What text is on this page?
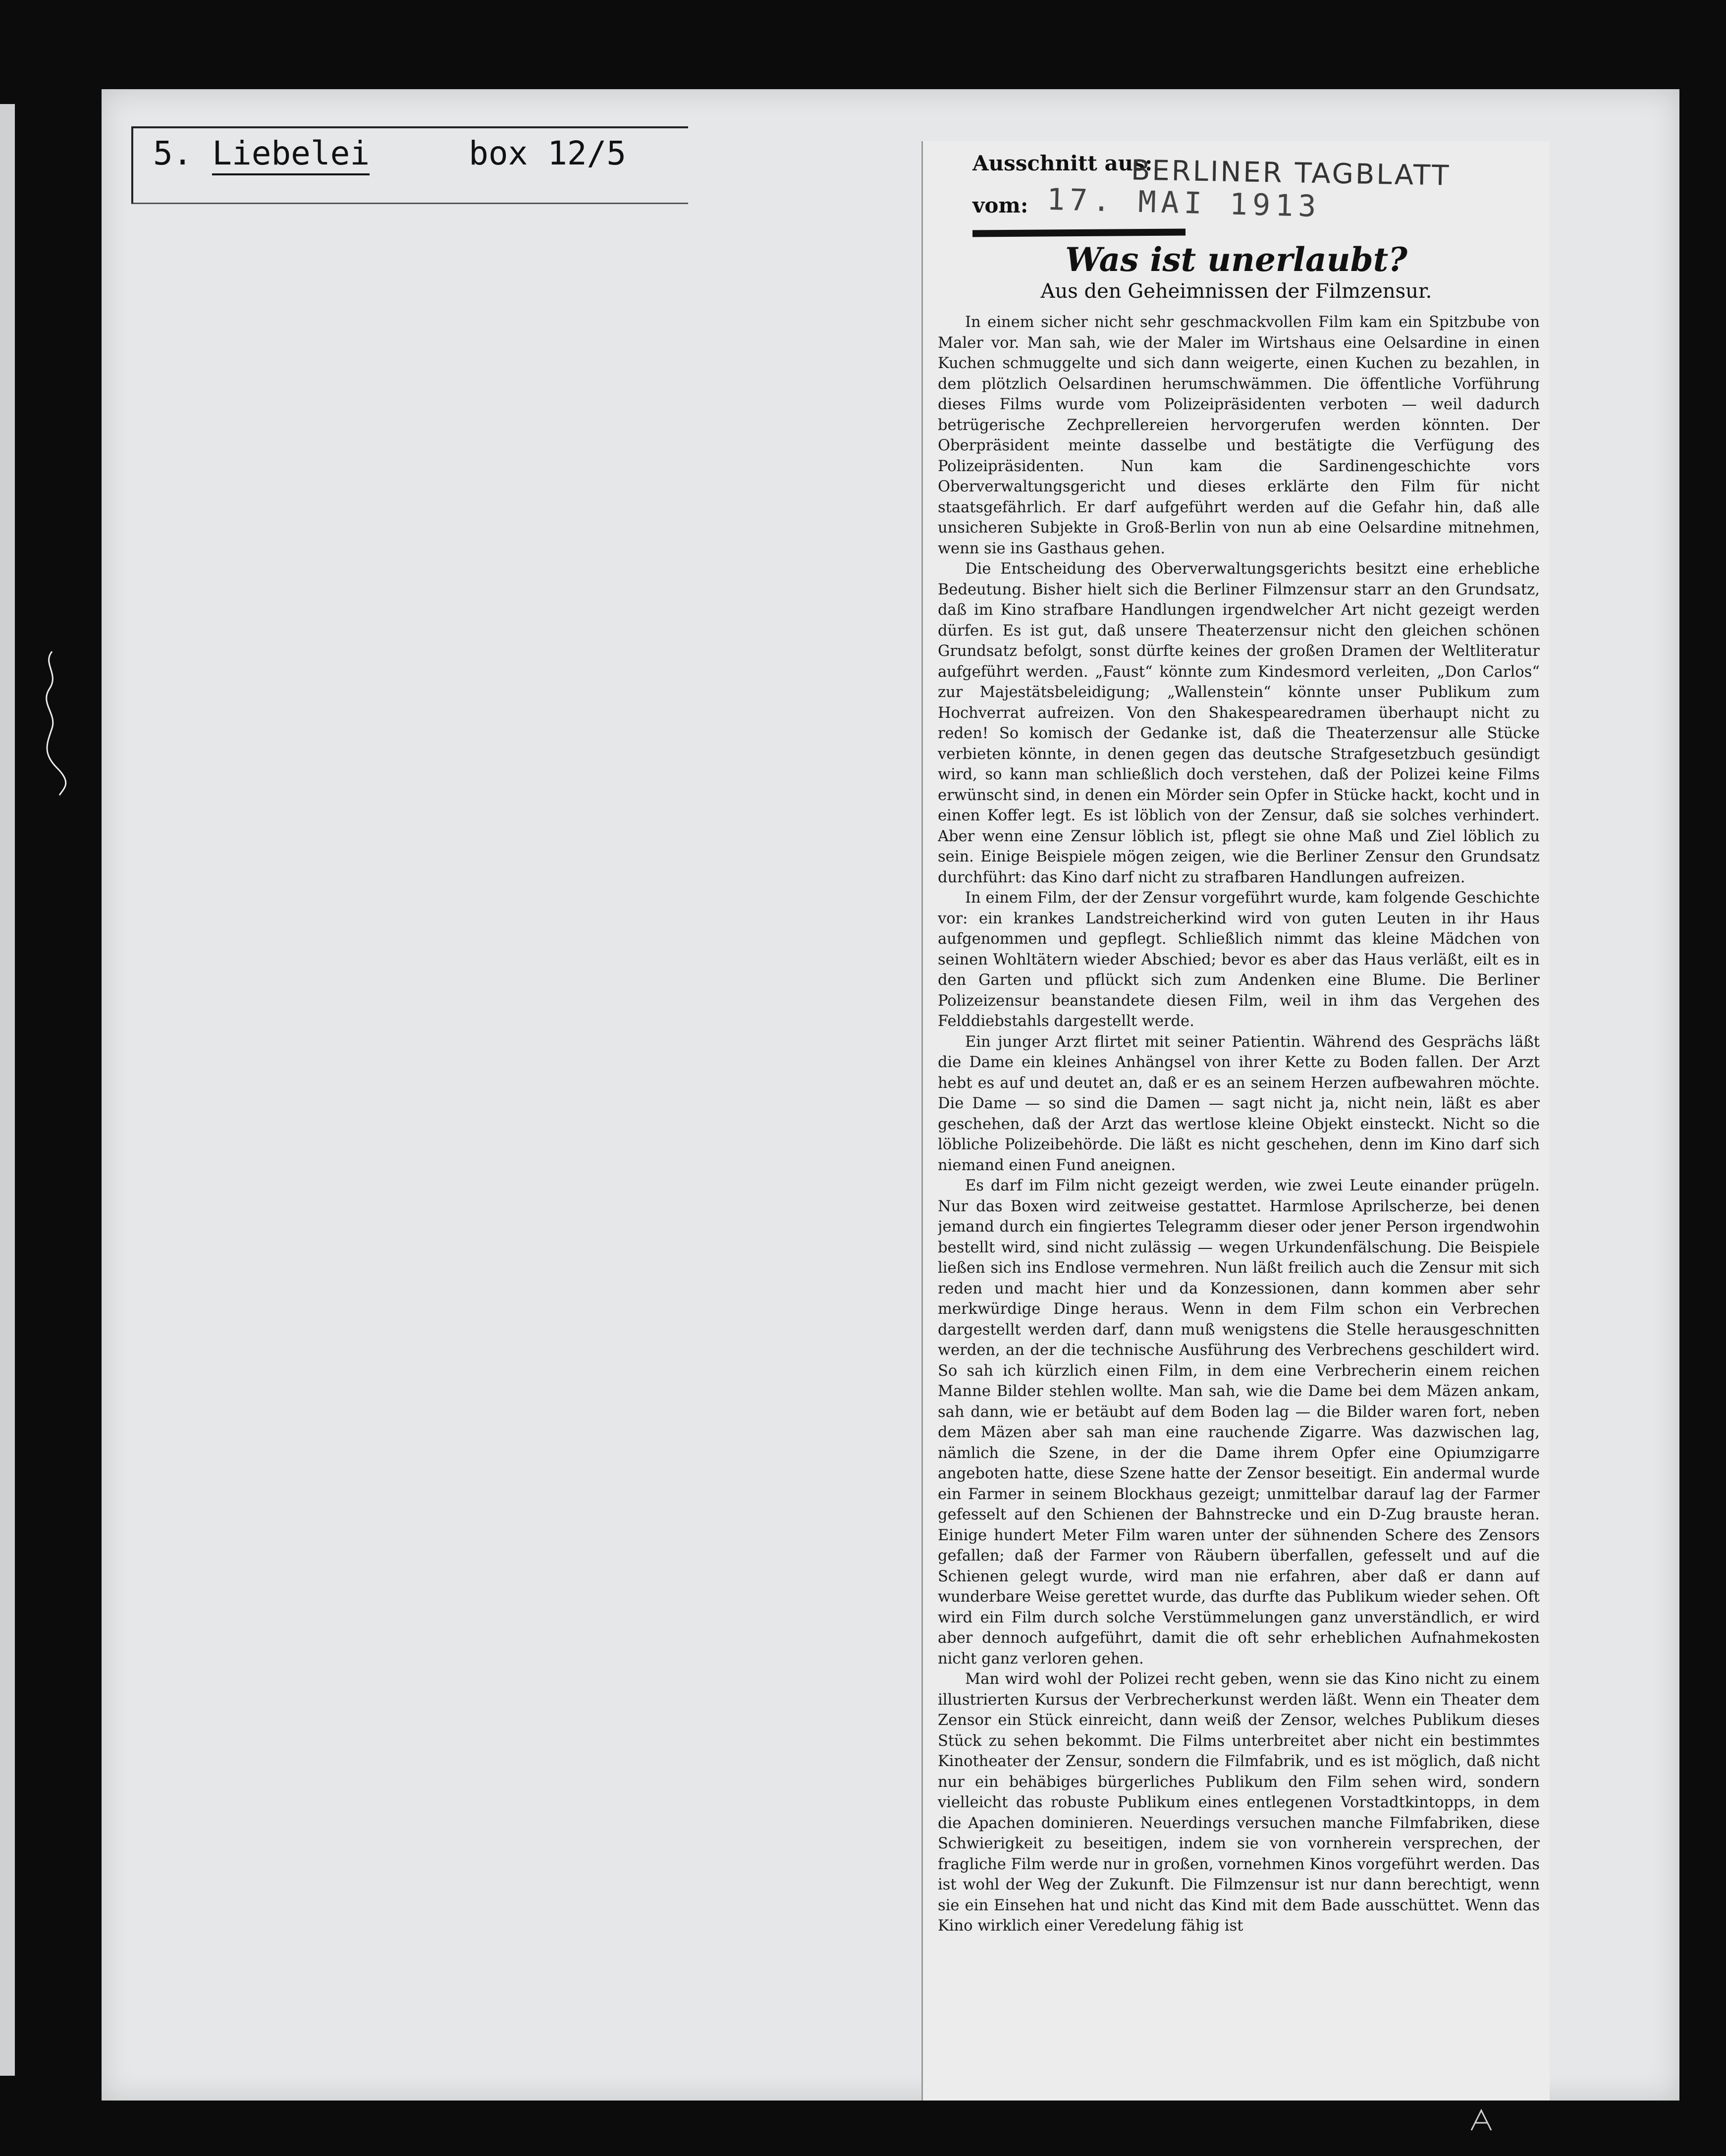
5. Liebelei	box 12/5	Ausschnitt aus:
BERLINER TAGBLATT
vom: 17. MAI 1913
Was ist unerlaubt?
Aus den Geheimnissen der Filmzensur.

In einem sicher nicht sehr geschmackvollen Film kam ein Spitzbube von Maler vor. Man sah, wie der Maler im Wirtshaus eine Oelsardine in einen Kuchen schmuggelte und sich dann weigerte, einen Kuchen zu bezahlen, in dem plötzlich Oelsardinen herumschwämmen. Die öffentliche Vorführung dieses Films wurde vom Polizeipräsidenten verboten — weil dadurch betrügerische Zechprellereien hervorgerufen werden könnten. Der Oberpräsident meinte dasselbe und bestätigte die Verfügung des Polizeipräsidenten. Nun kam die Sardinengeschichte vors Oberverwaltungsgericht und dieses erklärte den Film für nicht staatsgefährlich. Er darf aufgeführt werden auf die Gefahr hin, daß alle unsicheren Subjekte in Groß-Berlin von nun ab eine Oelsardine mitnehmen, wenn sie ins Gasthaus gehen.

Die Entscheidung des Oberverwaltungsgerichts besitzt eine erhebliche Bedeutung. Bisher hielt sich die Berliner Filmzensur starr an den Grundsatz, daß im Kino strafbare Handlungen irgendwelcher Art nicht gezeigt werden dürfen. Es ist gut, daß unsere Theaterzensur nicht den gleichen schönen Grundsatz befolgt, sonst dürfte keines der großen Dramen der Weltliteratur aufgeführt werden. „Faust“ könnte zum Kindesmord verleiten, „Don Carlos“ zur Majestätsbeleidigung; „Wallenstein“ könnte unser Publikum zum Hochverrat aufreizen. Von den Shakespearedramen überhaupt nicht zu reden! So komisch der Gedanke ist, daß die Theaterzensur alle Stücke verbieten könnte, in denen gegen das deutsche Strafgesetzbuch gesündigt wird, so kann man schließlich doch verstehen, daß der Polizei keine Films erwünscht sind, in denen ein Mörder sein Opfer in Stücke hackt, kocht und in einen Koffer legt. Es ist löblich von der Zensur, daß sie solches verhindert. Aber wenn eine Zensur löblich ist, pflegt sie ohne Maß und Ziel löblich zu sein. Einige Beispiele mögen zeigen, wie die Berliner Zensur den Grundsatz durchführt: das Kino darf nicht zu strafbaren Handlungen aufreizen.

In einem Film, der der Zensur vorgeführt wurde, kam folgende Geschichte vor: ein krankes Landstreicherkind wird von guten Leuten in ihr Haus aufgenommen und gepflegt. Schließlich nimmt das kleine Mädchen von seinen Wohltätern wieder Abschied; bevor es aber das Haus verläßt, eilt es in den Garten und pflückt sich zum Andenken eine Blume. Die Berliner Polizeizensur beanstandete diesen Film, weil in ihm das Vergehen des Felddiebstahls dargestellt werde.

Ein junger Arzt flirtet mit seiner Patientin. Während des Gesprächs läßt die Dame ein kleines Anhängsel von ihrer Kette zu Boden fallen. Der Arzt hebt es auf und deutet an, daß er es an seinem Herzen aufbewahren möchte. Die Dame — so sind die Damen — sagt nicht ja, nicht nein, läßt es aber geschehen, daß der Arzt das wertlose kleine Objekt einsteckt. Nicht so die löbliche Polizeibehörde. Die läßt es nicht geschehen, denn im Kino darf sich niemand einen Fund aneignen.

Es darf im Film nicht gezeigt werden, wie zwei Leute einander prügeln. Nur das Boxen wird zeitweise gestattet. Harmlose Aprilscherze, bei denen jemand durch ein fingiertes Telegramm dieser oder jener Person irgendwohin bestellt wird, sind nicht zulässig — wegen Urkundenfälschung. Die Beispiele ließen sich ins Endlose vermehren. Nun läßt freilich auch die Zensur mit sich reden und macht hier und da Konzessionen, dann kommen aber sehr merkwürdige Dinge heraus. Wenn in dem Film schon ein Verbrechen dargestellt werden darf, dann muß wenigstens die Stelle herausgeschnitten werden, an der die technische Ausführung des Verbrechens geschildert wird. So sah ich kürzlich einen Film, in dem eine Verbrecherin einem reichen Manne Bilder stehlen wollte. Man sah, wie die Dame bei dem Mäzen ankam, sah dann, wie er betäubt auf dem Boden lag — die Bilder waren fort, neben dem Mäzen aber sah man eine rauchende Zigarre. Was dazwischen lag, nämlich die Szene, in der die Dame ihrem Opfer eine Opiumzigarre angeboten hatte, diese Szene hatte der Zensor beseitigt. Ein andermal wurde ein Farmer in seinem Blockhaus gezeigt; unmittelbar darauf lag der Farmer gefesselt auf den Schienen der Bahnstrecke und ein D-Zug brauste heran. Einige hundert Meter Film waren unter der sühnenden Schere des Zensors gefallen; daß der Farmer von Räubern überfallen, gefesselt und auf die Schienen gelegt wurde, wird man nie erfahren, aber daß er dann auf wunderbare Weise gerettet wurde, das durfte das Publikum wieder sehen. Oft wird ein Film durch solche Verstümmelungen ganz unverständlich, er wird aber dennoch aufgeführt, damit die oft sehr erheblichen Aufnahmekosten nicht ganz verloren gehen.

Man wird wohl der Polizei recht geben, wenn sie das Kino nicht zu einem illustrierten Kursus der Verbrecherkunst werden läßt. Wenn ein Theater dem Zensor ein Stück einreicht, dann weiß der Zensor, welches Publikum dieses Stück zu sehen bekommt. Die Films unterbreitet aber nicht ein bestimmtes Kinotheater der Zensur, sondern die Filmfabrik, und es ist möglich, daß nicht nur ein behäbiges bürgerliches Publikum den Film sehen wird, sondern vielleicht das robuste Publikum eines entlegenen Vorstadtkintopps, in dem die Apachen dominieren. Neuerdings versuchen manche Filmfabriken, diese Schwierigkeit zu beseitigen, indem sie von vornherein versprechen, der fragliche Film werde nur in großen, vornehmen Kinos vorgeführt werden. Das ist wohl der Weg der Zukunft. Die Filmzensur ist nur dann berechtigt, wenn sie ein Einsehen hat und nicht das Kind mit dem Bade ausschüttet. Wenn das Kino wirklich einer Veredelung fähig ist
